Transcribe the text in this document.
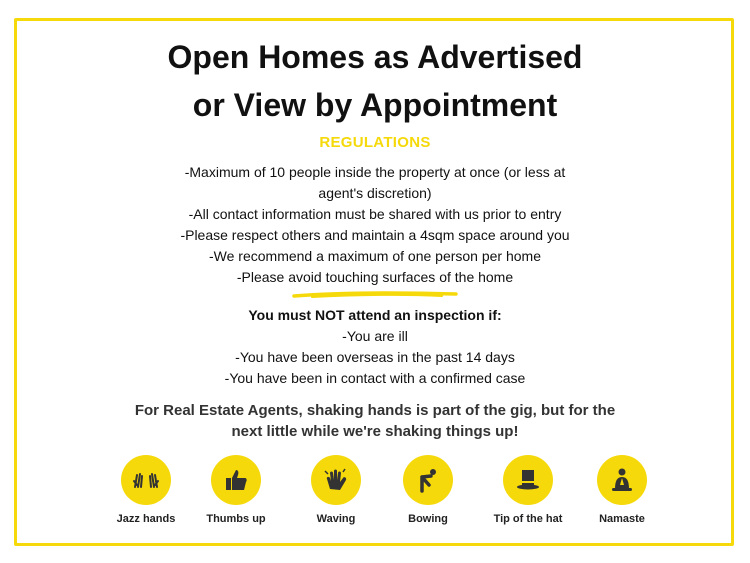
Open Homes as Advertised
or View by Appointment
REGULATIONS
-Maximum of 10 people inside the property at once (or less at
agent's discretion)
-All contact information must be shared with us prior to entry
-Please respect others and maintain a 4sqm space around you
-We recommend a maximum of one person per home
-Please avoid touching surfaces of the home
You must NOT attend an inspection if:
-You are ill
-You have been overseas in the past 14 days
-You have been in contact with a confirmed case
For Real Estate Agents, shaking hands is part of the gig, but for the
next little while we're shaking things up!
Jazz hands	Thumbs up	Waving	Bowing	Tip of the hat	Namaste
